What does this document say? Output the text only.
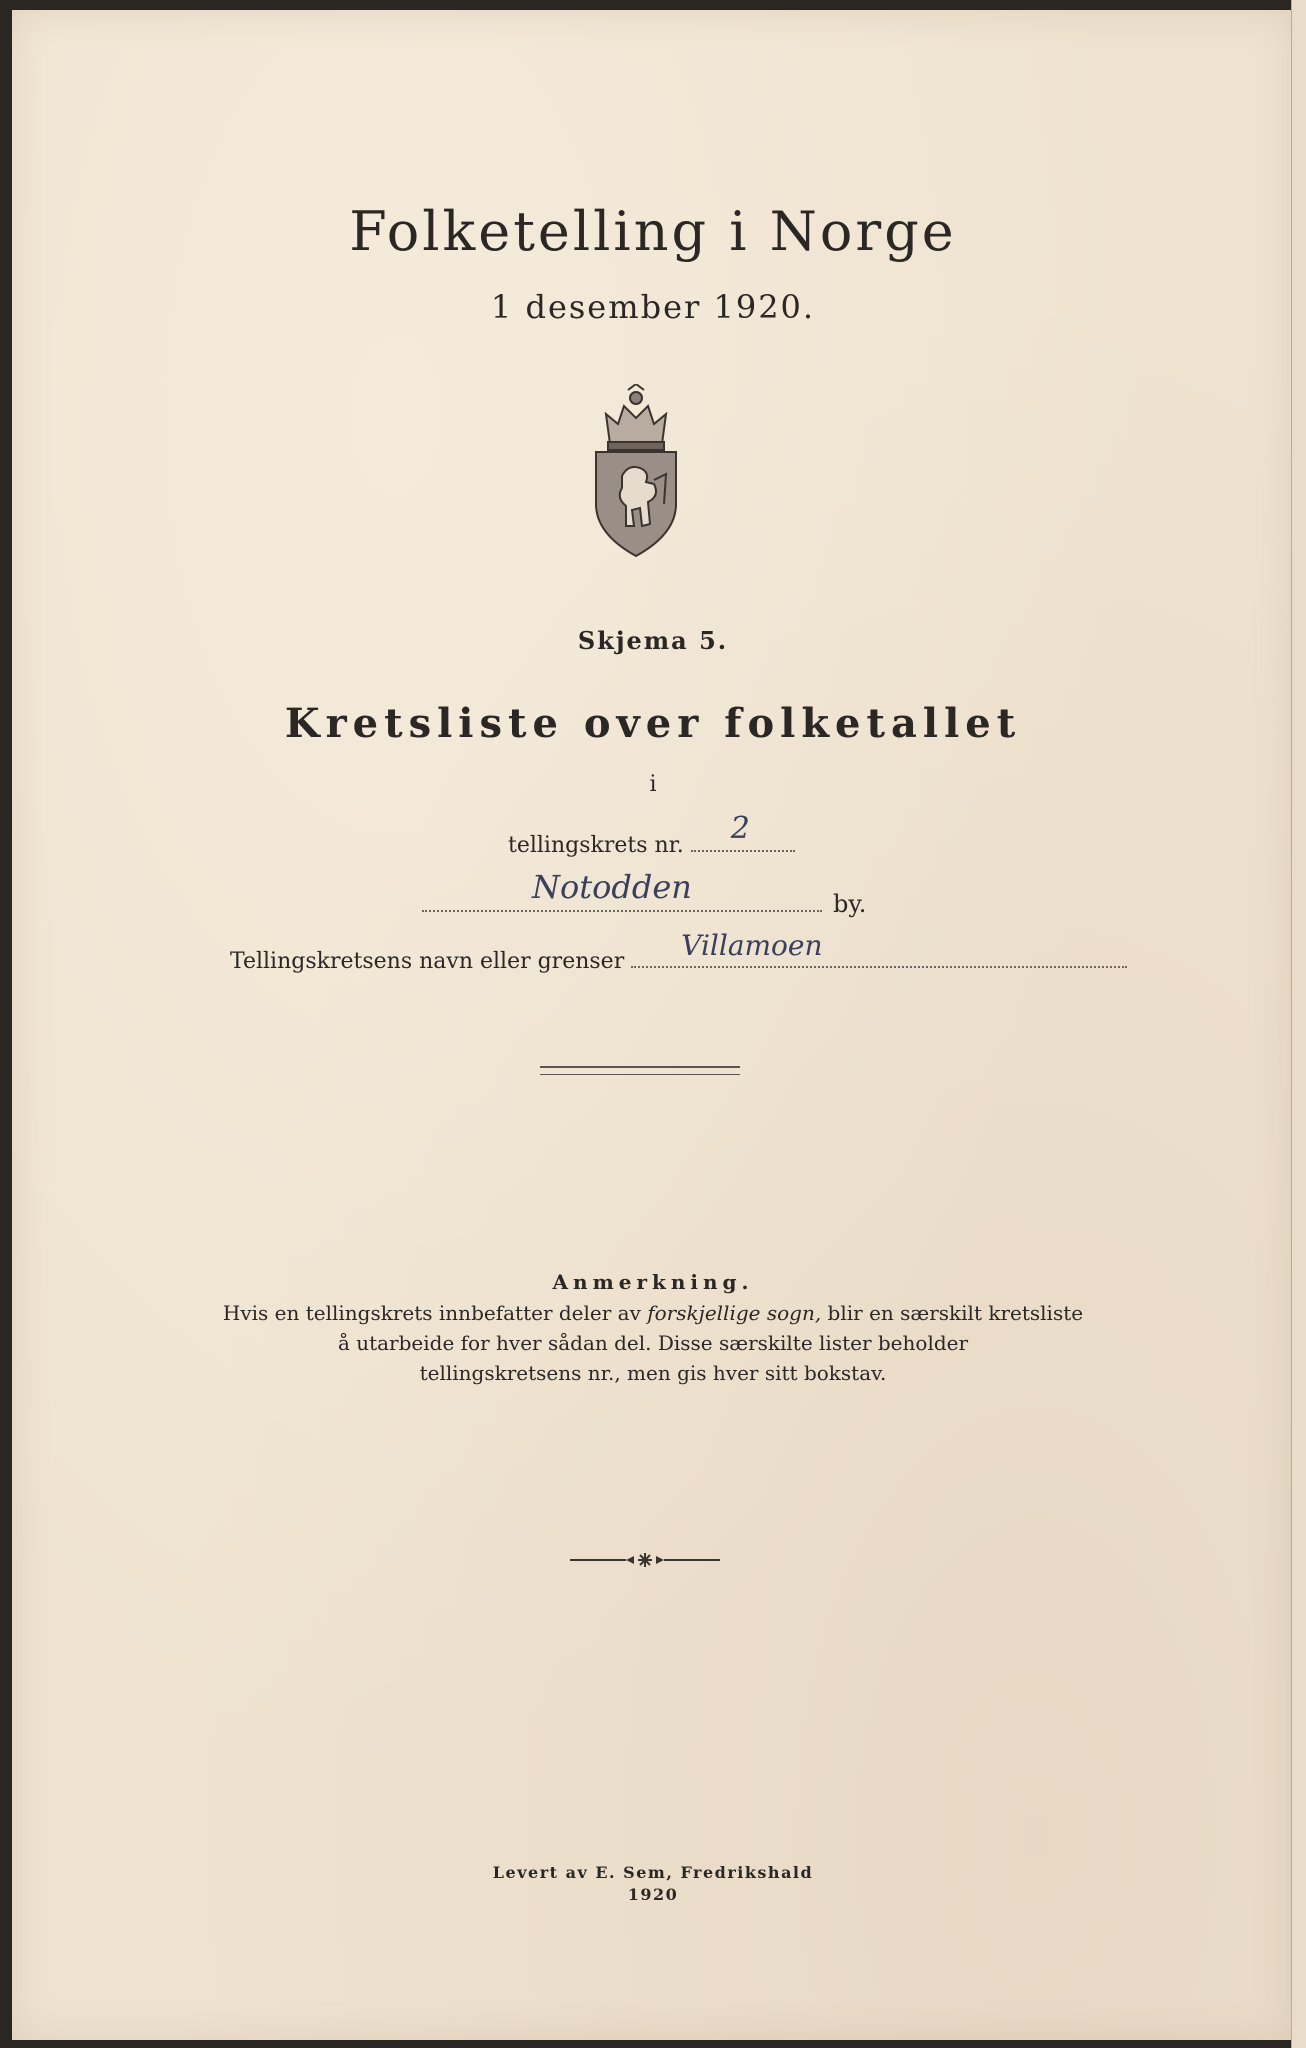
Folketelling i Norge
1 desember 1920.
Skjema 5.
Kretsliste over folketallet
i
tellingskrets nr. 2
Notodden	by.
Tellingskretsens navn eller grenser Villamoen
Anmerkning.
Hvis en tellingskrets innbefatter deler av forskjellige sogn, blir en særskilt kretsliste
å utarbeide for hver sådan del. Disse særskilte lister beholder
tellingskretsens nr., men gis hver sitt bokstav.
Levert av E. Sem, Fredrikshald
1920
